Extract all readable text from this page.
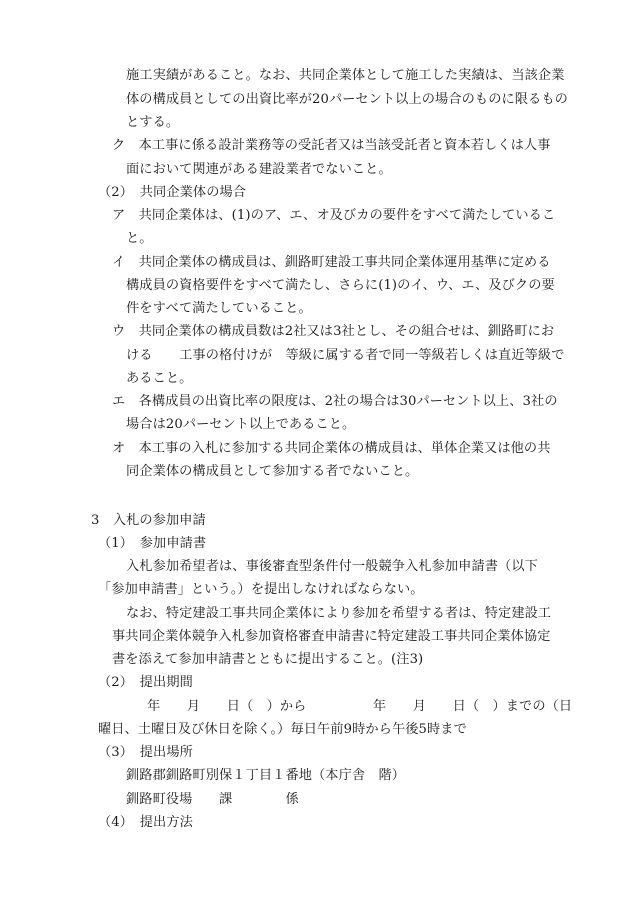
施工実績があること。なお、共同企業体として施工した実績は、当該企業
体の構成員としての出資比率が20パーセント以上の場合のものに限るもの
とする。
ク　本工事に係る設計業務等の受託者又は当該受託者と資本若しくは人事
面において関連がある建設業者でないこと。
（2）　共同企業体の場合
ア　共同企業体は、(1)のア、エ、オ及びカの要件をすべて満たしているこ
と。
イ　共同企業体の構成員は、釧路町建設工事共同企業体運用基準に定める
構成員の資格要件をすべて満たし、さらに(1)のイ、ウ、エ、及びクの要
件をすべて満たしていること。
ウ　共同企業体の構成員数は2社又は3社とし、その組合せは、釧路町にお
ける　　工事の格付けが　等級に属する者で同一等級若しくは直近等級で
あること。
エ　各構成員の出資比率の限度は、2社の場合は30パーセント以上、3社の
場合は20パーセント以上であること。
オ　本工事の入札に参加する共同企業体の構成員は、単体企業又は他の共
同企業体の構成員として参加する者でないこと。
3　入札の参加申請
（1）　参加申請書
入札参加希望者は、事後審査型条件付一般競争入札参加申請書（以下
「参加申請書」という。）を提出しなければならない。
なお、特定建設工事共同企業体により参加を希望する者は、特定建設工
事共同企業体競争入札参加資格審査申請書に特定建設工事共同企業体協定
書を添えて参加申請書とともに提出すること。(注3)
（2）　提出期間
年　　月　　日（　）から　　　　　年　　月　　日（　）までの（日
曜日、土曜日及び休日を除く。）毎日午前9時から午後5時まで
（3）　提出場所
釧路郡釧路町別保１丁目１番地（本庁舎　階）
釧路町役場　　課　　　　係
（4）　提出方法
